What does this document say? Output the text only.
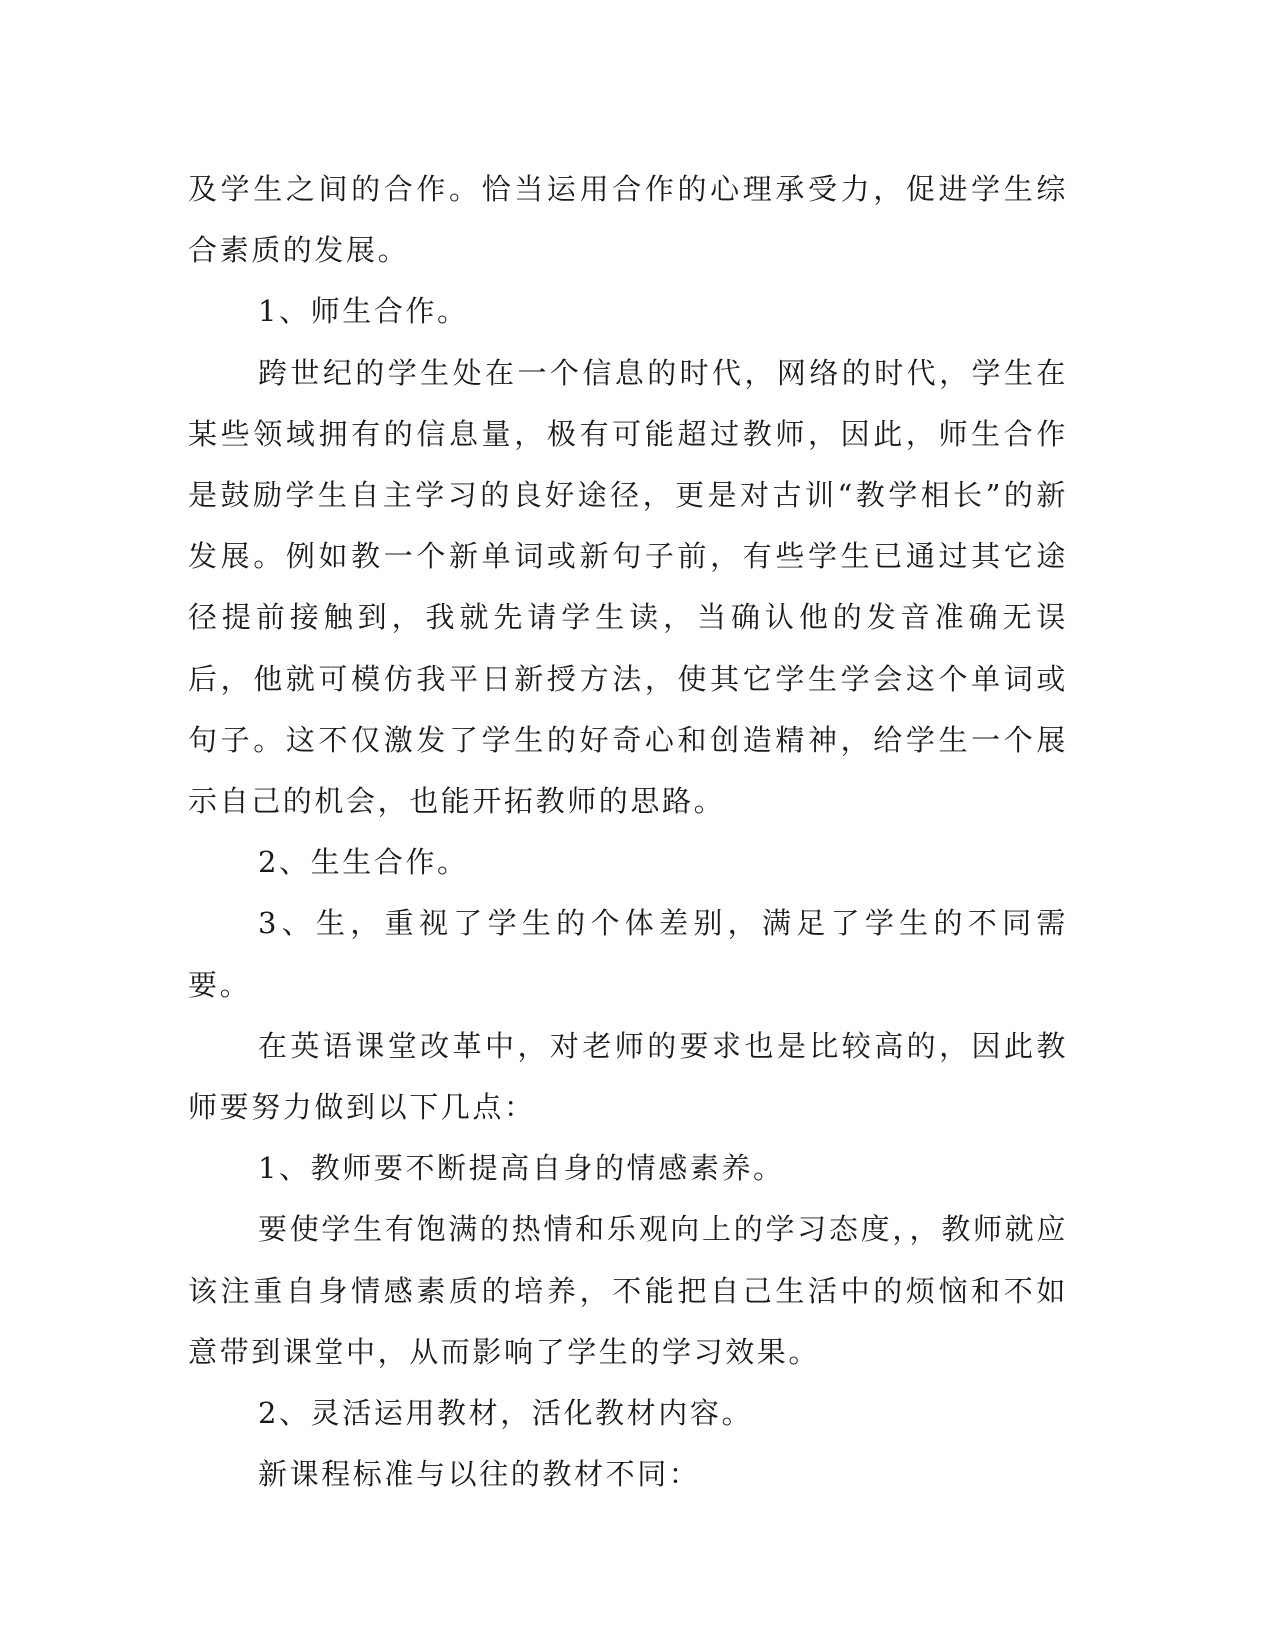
及学生之间的合作。恰当运用合作的心理承受力，促进学生综合素质的发展。

1、师生合作。

跨世纪的学生处在一个信息的时代，网络的时代，学生在某些领域拥有的信息量，极有可能超过教师，因此，师生合作是鼓励学生自主学习的良好途径，更是对古训“教学相长”的新发展。例如教一个新单词或新句子前，有些学生已通过其它途径提前接触到，我就先请学生读，当确认他的发音准确无误后，他就可模仿我平日新授方法，使其它学生学会这个单词或句子。这不仅激发了学生的好奇心和创造精神，给学生一个展示自己的机会，也能开拓教师的思路。

2、生生合作。

3、生，重视了学生的个体差别，满足了学生的不同需要。

在英语课堂改革中，对老师的要求也是比较高的，因此教师要努力做到以下几点：

1、教师要不断提高自身的情感素养。

要使学生有饱满的热情和乐观向上的学习态度，，教师就应该注重自身情感素质的培养，不能把自己生活中的烦恼和不如意带到课堂中，从而影响了学生的学习效果。

2、灵活运用教材，活化教材内容。

新课程标准与以往的教材不同：
